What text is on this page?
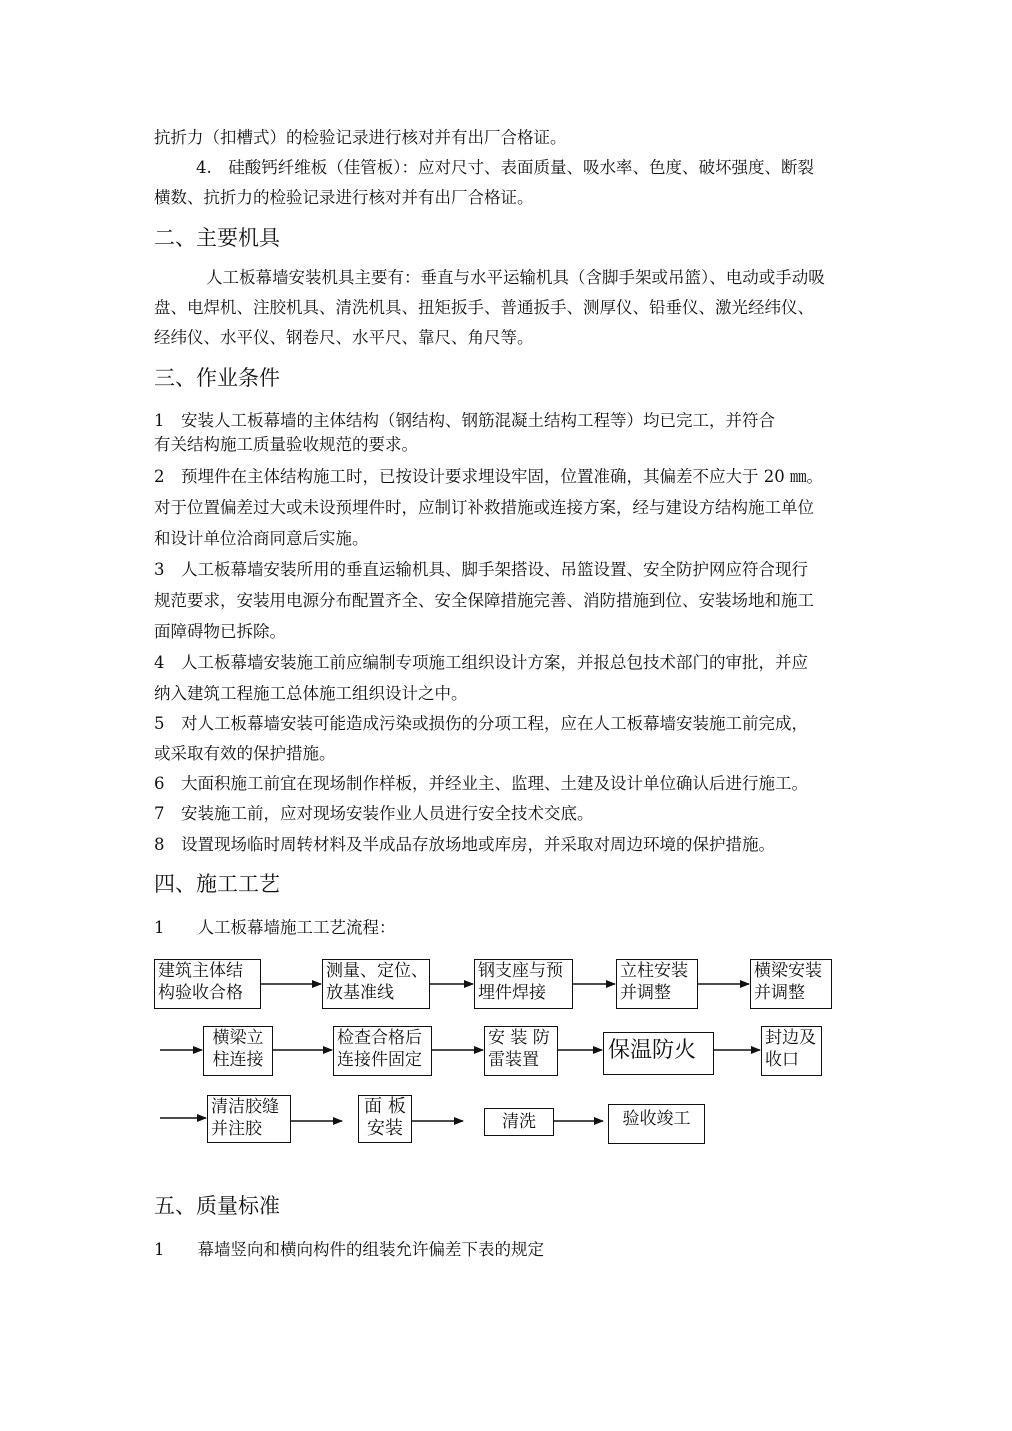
抗折力（扣槽式）的检验记录进行核对并有出厂合格证。
4.　硅酸钙纤维板（佳管板）：应对尺寸、表面质量、吸水率、色度、破坏强度、断裂
横数、抗折力的检验记录进行核对并有出厂合格证。
二、主要机具
人工板幕墙安装机具主要有：垂直与水平运输机具（含脚手架或吊篮）、电动或手动吸
盘、电焊机、注胶机具、清洗机具、扭矩扳手、普通扳手、测厚仪、铅垂仪、激光经纬仪、
经纬仪、水平仪、钢卷尺、水平尺、靠尺、角尺等。
三、作业条件
1　安装人工板幕墙的主体结构（钢结构、钢筋混凝土结构工程等）均已完工，并符合
有关结构施工质量验收规范的要求。
2　预埋件在主体结构施工时，已按设计要求埋设牢固，位置准确，其偏差不应大于 20 ㎜。
对于位置偏差过大或未设预埋件时，应制订补救措施或连接方案，经与建设方结构施工单位
和设计单位洽商同意后实施。
3　人工板幕墙安装所用的垂直运输机具、脚手架搭设、吊篮设置、安全防护网应符合现行
规范要求，安装用电源分布配置齐全、安全保障措施完善、消防措施到位、安装场地和施工
面障碍物已拆除。
4　人工板幕墙安装施工前应编制专项施工组织设计方案，并报总包技术部门的审批，并应
纳入建筑工程施工总体施工组织设计之中。
5　对人工板幕墙安装可能造成污染或损伤的分项工程，应在人工板幕墙安装施工前完成，
或采取有效的保护措施。
6　大面积施工前宜在现场制作样板，并经业主、监理、土建及设计单位确认后进行施工。
7　安装施工前，应对现场安装作业人员进行安全技术交底。
8　设置现场临时周转材料及半成品存放场地或库房，并采取对周边环境的保护措施。
四、施工工艺
1　　人工板幕墙施工工艺流程：
建筑主体结
构验收合格
测量、定位、
放基准线
钢支座与预
埋件焊接
立柱安装
并调整
横梁安装
并调整
横梁立
柱连接
检查合格后
连接件固定
安 装 防
雷装置	保温防火	封边及
收口
清洁胶缝
并注胶
面 板
安装	清洗	验收竣工
五、质量标准
1　　幕墙竖向和横向构件的组装允许偏差下表的规定
